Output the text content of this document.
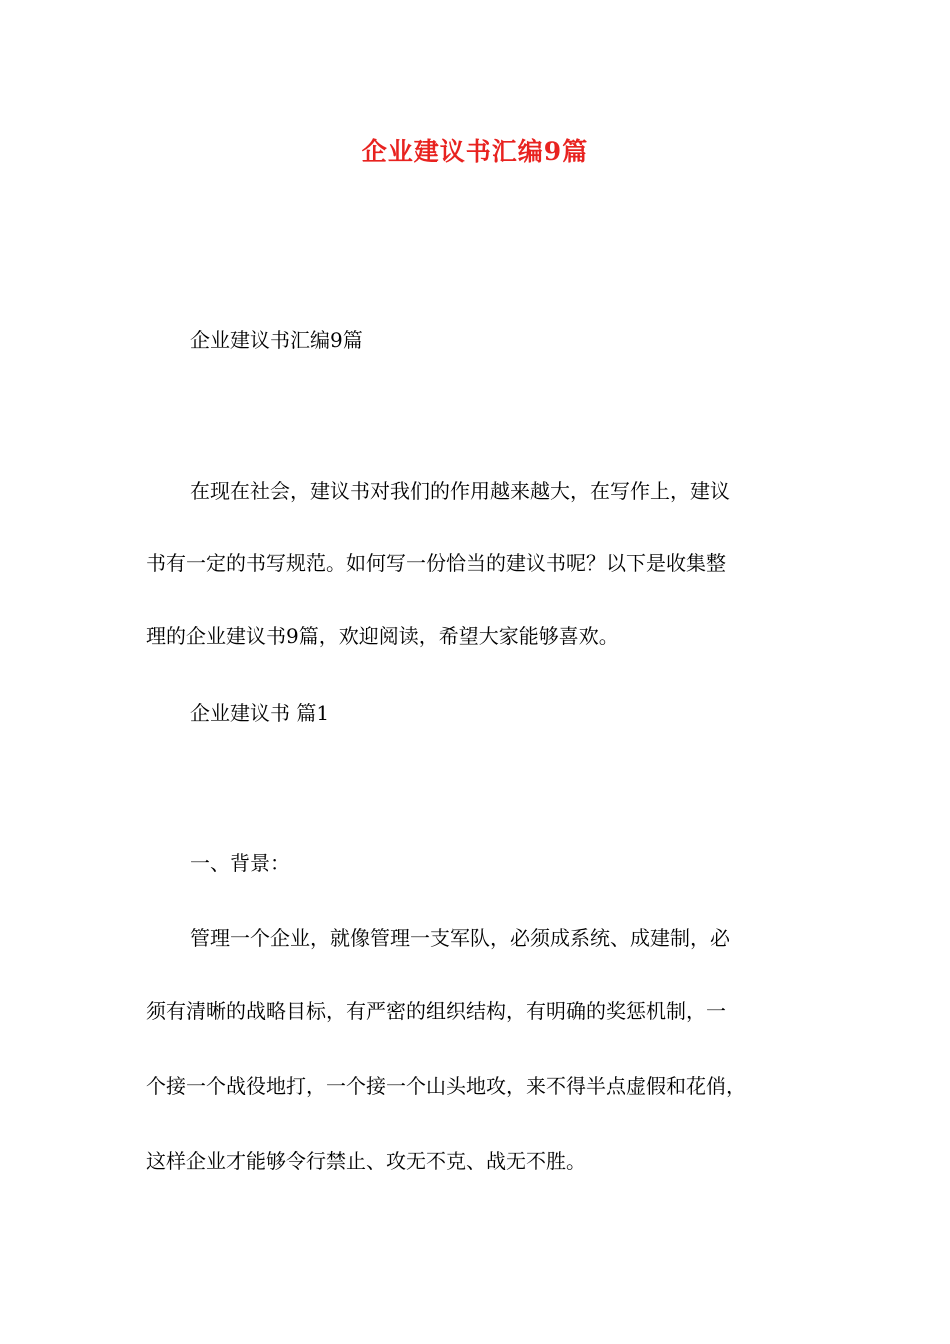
企业建议书汇编9篇
企业建议书汇编9篇
在现在社会，建议书对我们的作用越来越大，在写作上，建议
书有一定的书写规范。如何写一份恰当的建议书呢？以下是收集整
理的企业建议书9篇，欢迎阅读，希望大家能够喜欢。
企业建议书 篇1
一、背景：
管理一个企业，就像管理一支军队，必须成系统、成建制，必
须有清晰的战略目标，有严密的组织结构，有明确的奖惩机制，一
个接一个战役地打，一个接一个山头地攻，来不得半点虚假和花俏，
这样企业才能够令行禁止、攻无不克、战无不胜。
